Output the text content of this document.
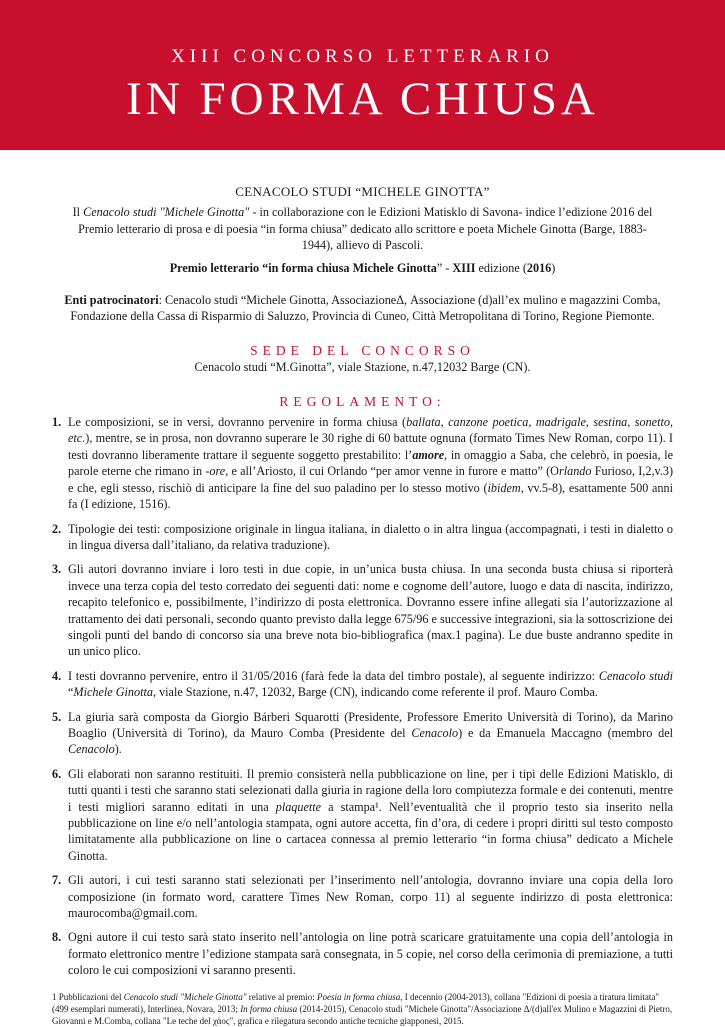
XIII CONCORSO LETTERARIO
IN FORMA CHIUSA
CENACOLO STUDI “MICHELE GINOTTA”
Il Cenacolo studi "Michele Ginotta" - in collaborazione con le Edizioni Matisklo di Savona- indice l’edizione 2016 del Premio letterario di prosa e di poesia “in forma chiusa” dedicato allo scrittore e poeta Michele Ginotta (Barge, 1883-1944), allievo di Pascoli.
Premio letterario “in forma chiusa Michele Ginotta” - XIII edizione (2016)
Enti patrocinatori: Cenacolo studi “Michele Ginotta, AssociazioneΔ, Associazione (d)all’ex mulino e magazzini Comba, Fondazione della Cassa di Risparmio di Saluzzo, Provincia di Cuneo, Città Metropolitana di Torino, Regione Piemonte.
SEDE DEL CONCORSO
Cenacolo studi “M.Ginotta”, viale Stazione, n.47,12032 Barge (CN).
REGOLAMENTO:
1. Le composizioni, se in versi, dovranno pervenire in forma chiusa (ballata, canzone poetica, madrigale, sestina, sonetto, etc.), mentre, se in prosa, non dovranno superare le 30 righe di 60 battute ognuna (formato Times New Roman, corpo 11). I testi dovranno liberamente trattare il seguente soggetto prestabilito: l’amore, in omaggio a Saba, che celebrò, in poesia, le parole eterne che rimano in -ore, e all’Ariosto, il cui Orlando “per amor venne in furore e matto” (Orlando Furioso, I,2,v.3) e che, egli stesso, rischiò di anticipare la fine del suo paladino per lo stesso motivo (ibidem, vv.5-8), esattamente 500 anni fa (I edizione, 1516).
2. Tipologie dei testi: composizione originale in lingua italiana, in dialetto o in altra lingua (accompagnati, i testi in dialetto o in lingua diversa dall’italiano, da relativa traduzione).
3. Gli autori dovranno inviare i loro testi in due copie, in un’unica busta chiusa. In una seconda busta chiusa si riporterà invece una terza copia del testo corredato dei seguenti dati: nome e cognome dell’autore, luogo e data di nascita, indirizzo, recapito telefonico e, possibilmente, l’indirizzo di posta elettronica. Dovranno essere infine allegati sia l’autorizzazione al trattamento dei dati personali, secondo quanto previsto dalla legge 675/96 e successive integrazioni, sia la sottoscrizione dei singoli punti del bando di concorso sia una breve nota bio-bibliografica (max.1 pagina). Le due buste andranno spedite in un unico plico.
4. I testi dovranno pervenire, entro il 31/05/2016 (farà fede la data del timbro postale), al seguente indirizzo: Cenacolo studi “Michele Ginotta, viale Stazione, n.47, 12032, Barge (CN), indicando come referente il prof. Mauro Comba.
5. La giuria sarà composta da Giorgio Bárberi Squarotti (Presidente, Professore Emerito Università di Torino), da Marino Boaglio (Università di Torino), da Mauro Comba (Presidente del Cenacolo) e da Emanuela Maccagno (membro del Cenacolo).
6. Gli elaborati non saranno restituiti. Il premio consisterà nella pubblicazione on line, per i tipi delle Edizioni Matisklo, di tutti quanti i testi che saranno stati selezionati dalla giuria in ragione della loro compiutezza formale e dei contenuti, mentre i testi migliori saranno editati in una plaquette a stampa¹. Nell’eventualità che il proprio testo sia inserito nella pubblicazione on line e/o nell’antologia stampata, ogni autore accetta, fin d’ora, di cedere i propri diritti sul testo composto limitatamente alla pubblicazione on line o cartacea connessa al premio letterario “in forma chiusa” dedicato a Michele Ginotta.
7. Gli autori, i cui testi saranno stati selezionati per l’inserimento nell’antologia, dovranno inviare una copia della loro composizione (in formato word, carattere Times New Roman, corpo 11) al seguente indirizzo di posta elettronica: maurocomba@gmail.com.
8. Ogni autore il cui testo sarà stato inserito nell’antologia on line potrà scaricare gratuitamente una copia dell’antologia in formato elettronico mentre l’edizione stampata sarà consegnata, in 5 copie, nel corso della cerimonia di premiazione, a tutti coloro le cui composizioni vi saranno presenti.
1 Pubblicazioni del Cenacolo studi "Michele Ginotta" relative al premio: Poesia in forma chiusa, I decennio (2004-2013), collana "Edizioni di poesia a tiratura limitata" (499 esemplari numerati), Interlinea, Novara, 2013; In forma chiusa (2014-2015), Cenacolo studi "Michele Ginotta"/Associazione Δ/(d)all'ex Mulino e Magazzini di Pietro, Giovanni e M.Comba, collana "Le teche del χάος", grafica e rilegatura secondo antiche tecniche giapponesi, 2015.
